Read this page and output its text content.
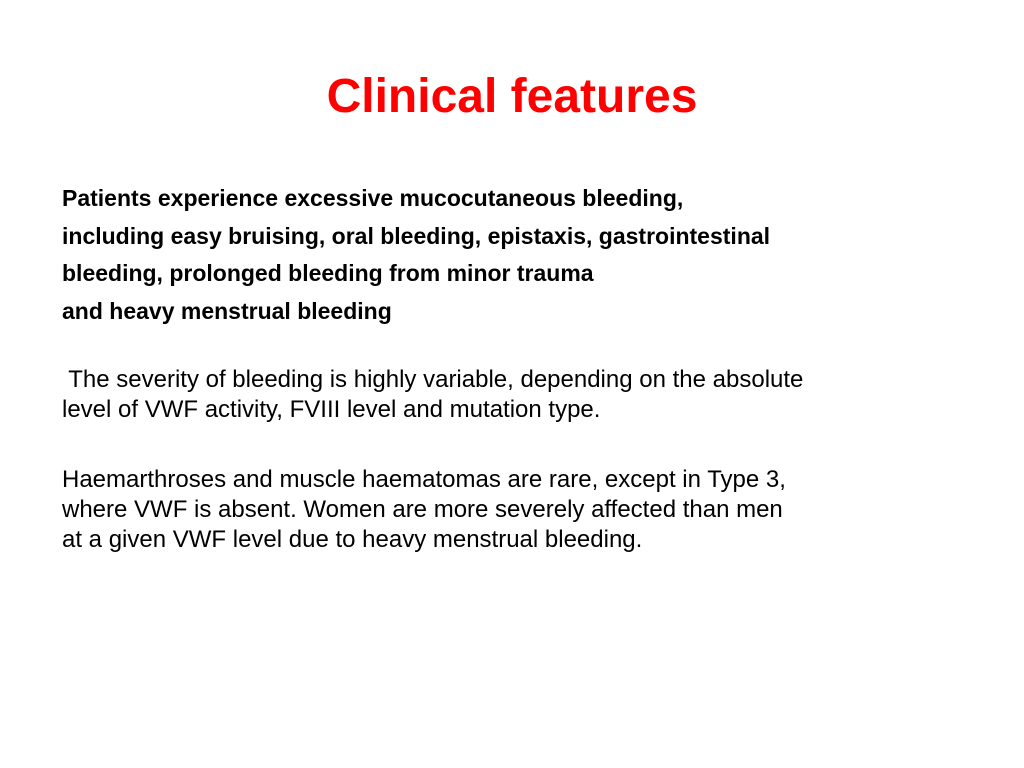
Clinical features

Patients experience excessive mucocutaneous bleeding,
including easy bruising, oral bleeding, epistaxis, gastrointestinal
bleeding, prolonged bleeding from minor trauma
and heavy menstrual bleeding

The severity of bleeding is highly variable, depending on the absolute
level of VWF activity, FVIII level and mutation type.

Haemarthroses and muscle haematomas are rare, except in Type 3,
where VWF is absent. Women are more severely affected than men
at a given VWF level due to heavy menstrual bleeding.
